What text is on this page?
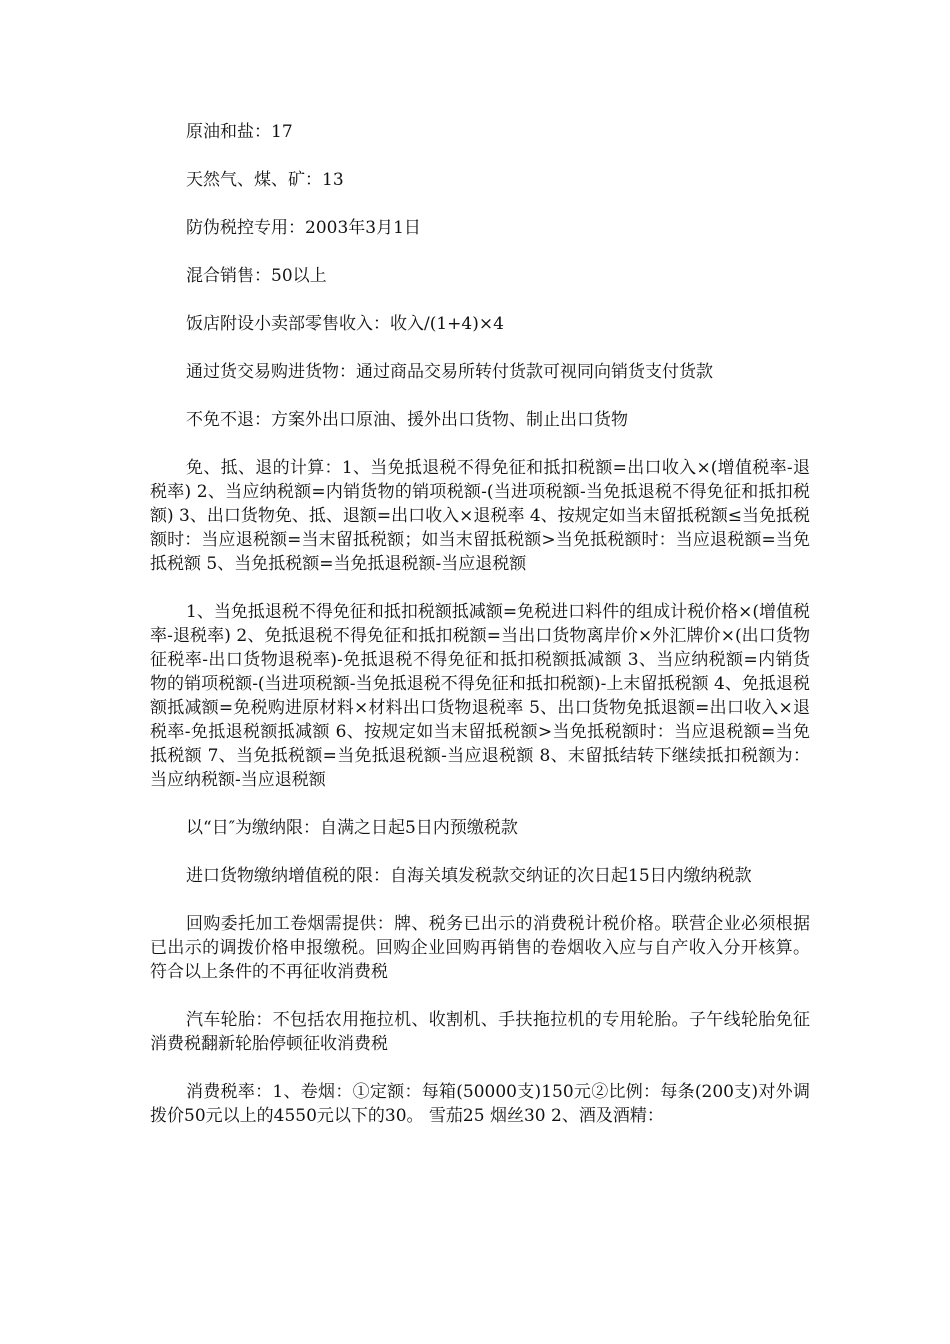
原油和盐：17

天然气、煤、矿：13

防伪税控专用：2003年3月1日

混合销售：50以上

饭店附设小卖部零售收入：收入/(1+4)×4

通过货交易购进货物：通过商品交易所转付货款可视同向销货支付货款

不免不退：方案外出口原油、援外出口货物、制止出口货物

免、抵、退的计算：1、当免抵退税不得免征和抵扣税额=出口收入×(增值税率-退税率) 2、当应纳税额=内销货物的销项税额-(当进项税额-当免抵退税不得免征和抵扣税额) 3、出口货物免、抵、退额=出口收入×退税率 4、按规定如当末留抵税额≤当免抵税额时：当应退税额=当末留抵税额；如当末留抵税额>当免抵税额时：当应退税额=当免抵税额 5、当免抵税额=当免抵退税额-当应退税额

1、当免抵退税不得免征和抵扣税额抵减额=免税进口料件的组成计税价格×(增值税率-退税率) 2、免抵退税不得免征和抵扣税额=当出口货物离岸价×外汇牌价×(出口货物征税率-出口货物退税率)-免抵退税不得免征和抵扣税额抵减额 3、当应纳税额=内销货物的销项税额-(当进项税额-当免抵退税不得免征和抵扣税额)-上末留抵税额 4、免抵退税额抵减额=免税购进原材料×材料出口货物退税率 5、出口货物免抵退额=出口收入×退税率-免抵退税额抵减额 6、按规定如当末留抵税额>当免抵税额时：当应退税额=当免抵税额 7、当免抵税额=当免抵退税额-当应退税额 8、末留抵结转下继续抵扣税额为：当应纳税额-当应退税额

以“日″为缴纳限：自满之日起5日内预缴税款

进口货物缴纳增值税的限：自海关填发税款交纳证的次日起15日内缴纳税款

回购委托加工卷烟需提供：牌、税务已出示的消费税计税价格。联营企业必须根据已出示的调拨价格申报缴税。回购企业回购再销售的卷烟收入应与自产收入分开核算。符合以上条件的不再征收消费税

汽车轮胎：不包括农用拖拉机、收割机、手扶拖拉机的专用轮胎。子午线轮胎免征消费税翻新轮胎停顿征收消费税

消费税率：1、卷烟：①定额：每箱(50000支)150元②比例：每条(200支)对外调拨价50元以上的4550元以下的30。 雪茄25 烟丝30 2、酒及酒精：
